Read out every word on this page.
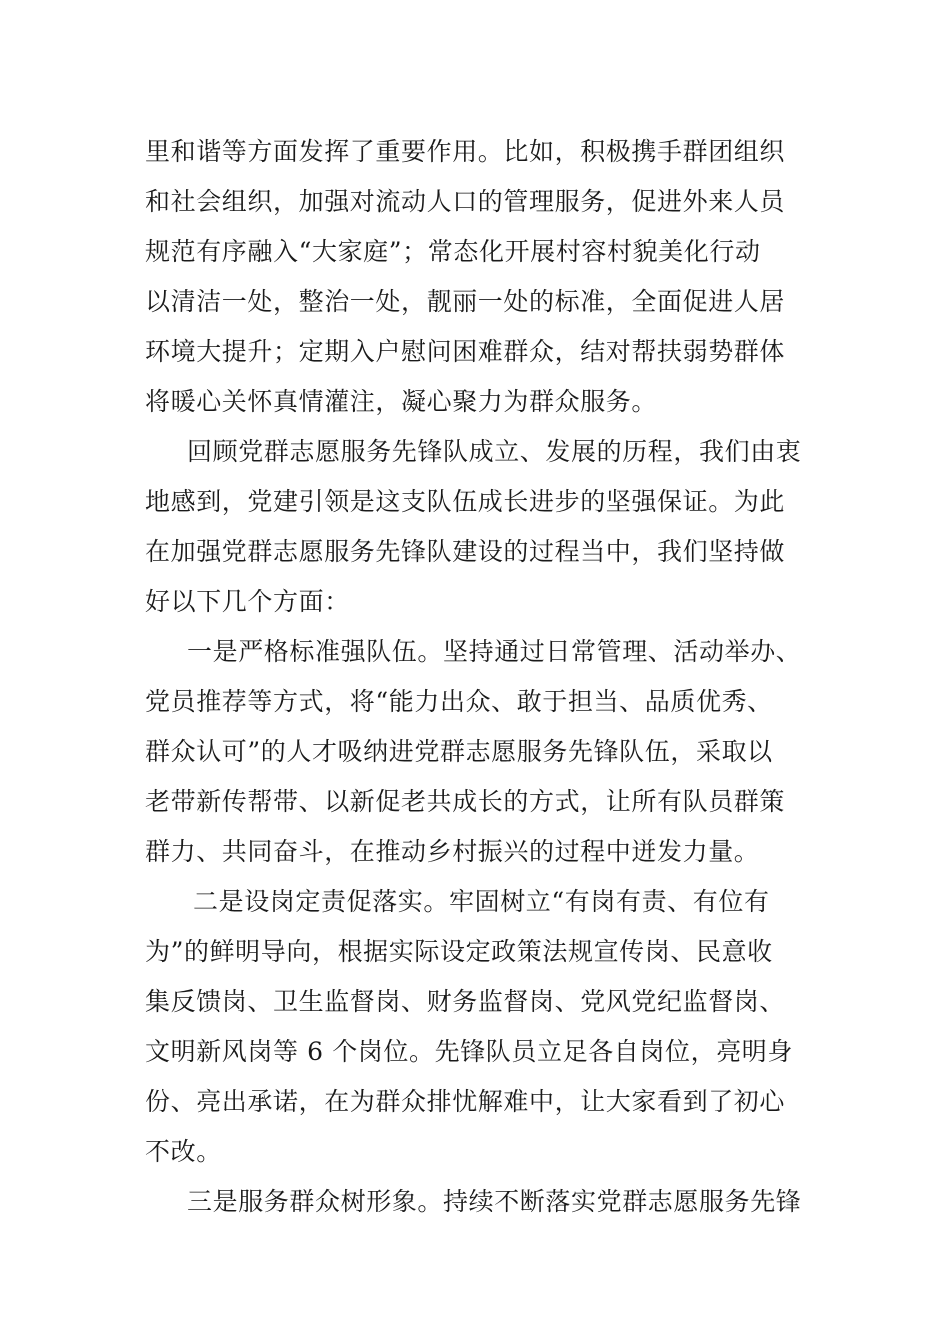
里和谐等方面发挥了重要作用。比如，积极携手群团组织
和社会组织，加强对流动人口的管理服务，促进外来人员
规范有序融入“大家庭”；常态化开展村容村貌美化行动
以清洁一处，整治一处，靓丽一处的标准，全面促进人居
环境大提升；定期入户慰问困难群众，结对帮扶弱势群体
将暖心关怀真情灌注，凝心聚力为群众服务。
回顾党群志愿服务先锋队成立、发展的历程，我们由衷
地感到，党建引领是这支队伍成长进步的坚强保证。为此
在加强党群志愿服务先锋队建设的过程当中，我们坚持做
好以下几个方面：
一是严格标准强队伍。坚持通过日常管理、活动举办、
党员推荐等方式，将“能力出众、敢于担当、品质优秀、
群众认可”的人才吸纳进党群志愿服务先锋队伍，采取以
老带新传帮带、以新促老共成长的方式，让所有队员群策
群力、共同奋斗，在推动乡村振兴的过程中迸发力量。
二是设岗定责促落实。牢固树立“有岗有责、有位有
为”的鲜明导向，根据实际设定政策法规宣传岗、民意收
集反馈岗、卫生监督岗、财务监督岗、党风党纪监督岗、
文明新风岗等 6 个岗位。先锋队员立足各自岗位，亮明身
份、亮出承诺，在为群众排忧解难中，让大家看到了初心
不改。
三是服务群众树形象。持续不断落实党群志愿服务先锋
